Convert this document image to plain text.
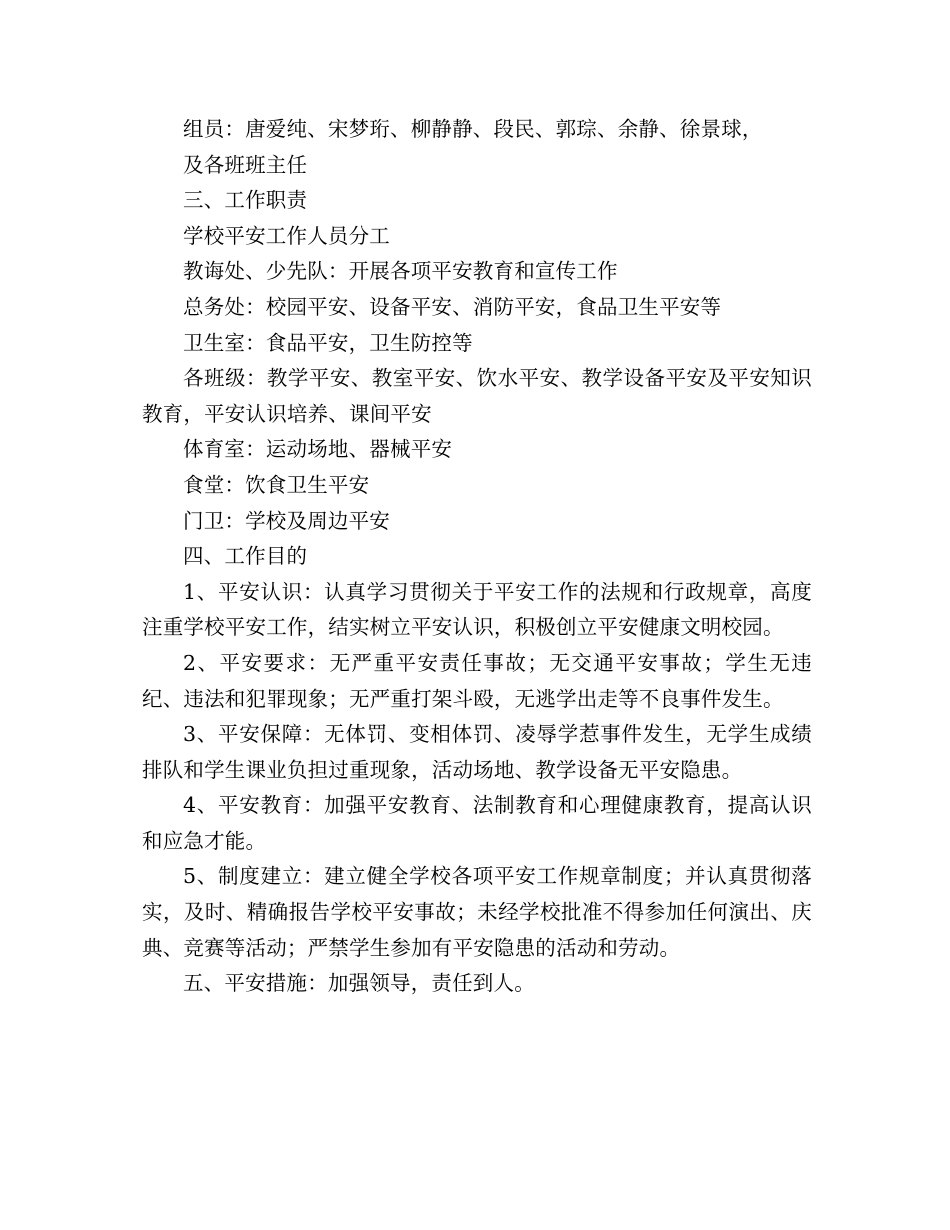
组员：唐爱纯、宋梦珩、柳静静、段民、郭琮、余静、徐景球，

及各班班主任

三、工作职责

学校平安工作人员分工

教诲处、少先队：开展各项平安教育和宣传工作

总务处：校园平安、设备平安、消防平安，食品卫生平安等

卫生室：食品平安，卫生防控等

各班级：教学平安、教室平安、饮水平安、教学设备平安及平安知识教育，平安认识培养、课间平安

体育室：运动场地、器械平安

食堂：饮食卫生平安

门卫：学校及周边平安

四、工作目的

1、平安认识：认真学习贯彻关于平安工作的法规和行政规章，高度注重学校平安工作，结实树立平安认识，积极创立平安健康文明校园。

2、平安要求：无严重平安责任事故；无交通平安事故；学生无违纪、违法和犯罪现象；无严重打架斗殴，无逃学出走等不良事件发生。

3、平安保障：无体罚、变相体罚、凌辱学惹事件发生，无学生成绩排队和学生课业负担过重现象，活动场地、教学设备无平安隐患。

4、平安教育：加强平安教育、法制教育和心理健康教育，提高认识和应急才能。

5、制度建立：建立健全学校各项平安工作规章制度；并认真贯彻落实，及时、精确报告学校平安事故；未经学校批准不得参加任何演出、庆典、竞赛等活动；严禁学生参加有平安隐患的活动和劳动。

五、平安措施：加强领导，责任到人。
